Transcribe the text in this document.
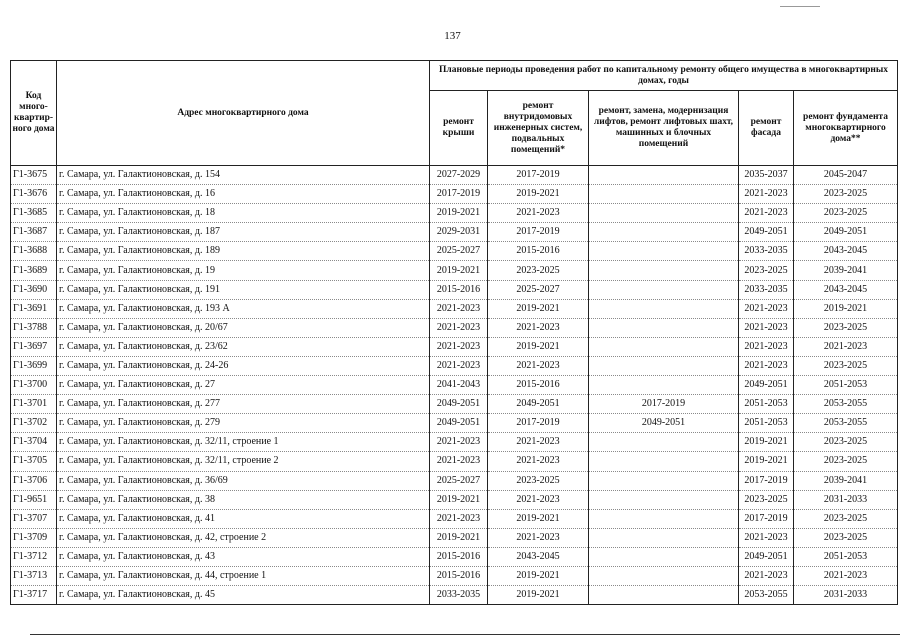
137
Код много-квартир-ного дома	Адрес многоквартирного дома	Плановые периоды проведения работ по капитальному ремонту общего имущества в многоквартирных домах, годы				
		ремонт крыши	ремонт внутридомовых инженерных систем, подвальных помещений*	ремонт, замена, модернизация лифтов, ремонт лифтовых шахт, машинных и блочных помещений	ремонт фасада	ремонт фундамента многоквартирного дома**
Г1-3675	г. Самара, ул. Галактионовская, д. 154	2027-2029	2017-2019		2035-2037	2045-2047
Г1-3676	г. Самара, ул. Галактионовская, д. 16	2017-2019	2019-2021		2021-2023	2023-2025
Г1-3685	г. Самара, ул. Галактионовская, д. 18	2019-2021	2021-2023		2021-2023	2023-2025
Г1-3687	г. Самара, ул. Галактионовская, д. 187	2029-2031	2017-2019		2049-2051	2049-2051
Г1-3688	г. Самара, ул. Галактионовская, д. 189	2025-2027	2015-2016		2033-2035	2043-2045
Г1-3689	г. Самара, ул. Галактионовская, д. 19	2019-2021	2023-2025		2023-2025	2039-2041
Г1-3690	г. Самара, ул. Галактионовская, д. 191	2015-2016	2025-2027		2033-2035	2043-2045
Г1-3691	г. Самара, ул. Галактионовская, д. 193 А	2021-2023	2019-2021		2021-2023	2019-2021
Г1-3788	г. Самара, ул. Галактионовская, д. 20/67	2021-2023	2021-2023		2021-2023	2023-2025
Г1-3697	г. Самара, ул. Галактионовская, д. 23/62	2021-2023	2019-2021		2021-2023	2021-2023
Г1-3699	г. Самара, ул. Галактионовская, д. 24-26	2021-2023	2021-2023		2021-2023	2023-2025
Г1-3700	г. Самара, ул. Галактионовская, д. 27	2041-2043	2015-2016		2049-2051	2051-2053
Г1-3701	г. Самара, ул. Галактионовская, д. 277	2049-2051	2049-2051	2017-2019	2051-2053	2053-2055
Г1-3702	г. Самара, ул. Галактионовская, д. 279	2049-2051	2017-2019	2049-2051	2051-2053	2053-2055
Г1-3704	г. Самара, ул. Галактионовская, д. 32/11, строение 1	2021-2023	2021-2023		2019-2021	2023-2025
Г1-3705	г. Самара, ул. Галактионовская, д. 32/11, строение 2	2021-2023	2021-2023		2019-2021	2023-2025
Г1-3706	г. Самара, ул. Галактионовская, д. 36/69	2025-2027	2023-2025		2017-2019	2039-2041
Г1-9651	г. Самара, ул. Галактионовская, д. 38	2019-2021	2021-2023		2023-2025	2031-2033
Г1-3707	г. Самара, ул. Галактионовская, д. 41	2021-2023	2019-2021		2017-2019	2023-2025
Г1-3709	г. Самара, ул. Галактионовская, д. 42, строение 2	2019-2021	2021-2023		2021-2023	2023-2025
Г1-3712	г. Самара, ул. Галактионовская, д. 43	2015-2016	2043-2045		2049-2051	2051-2053
Г1-3713	г. Самара, ул. Галактионовская, д. 44, строение 1	2015-2016	2019-2021		2021-2023	2021-2023
Г1-3717	г. Самара, ул. Галактионовская, д. 45	2033-2035	2019-2021		2053-2055	2031-2033
